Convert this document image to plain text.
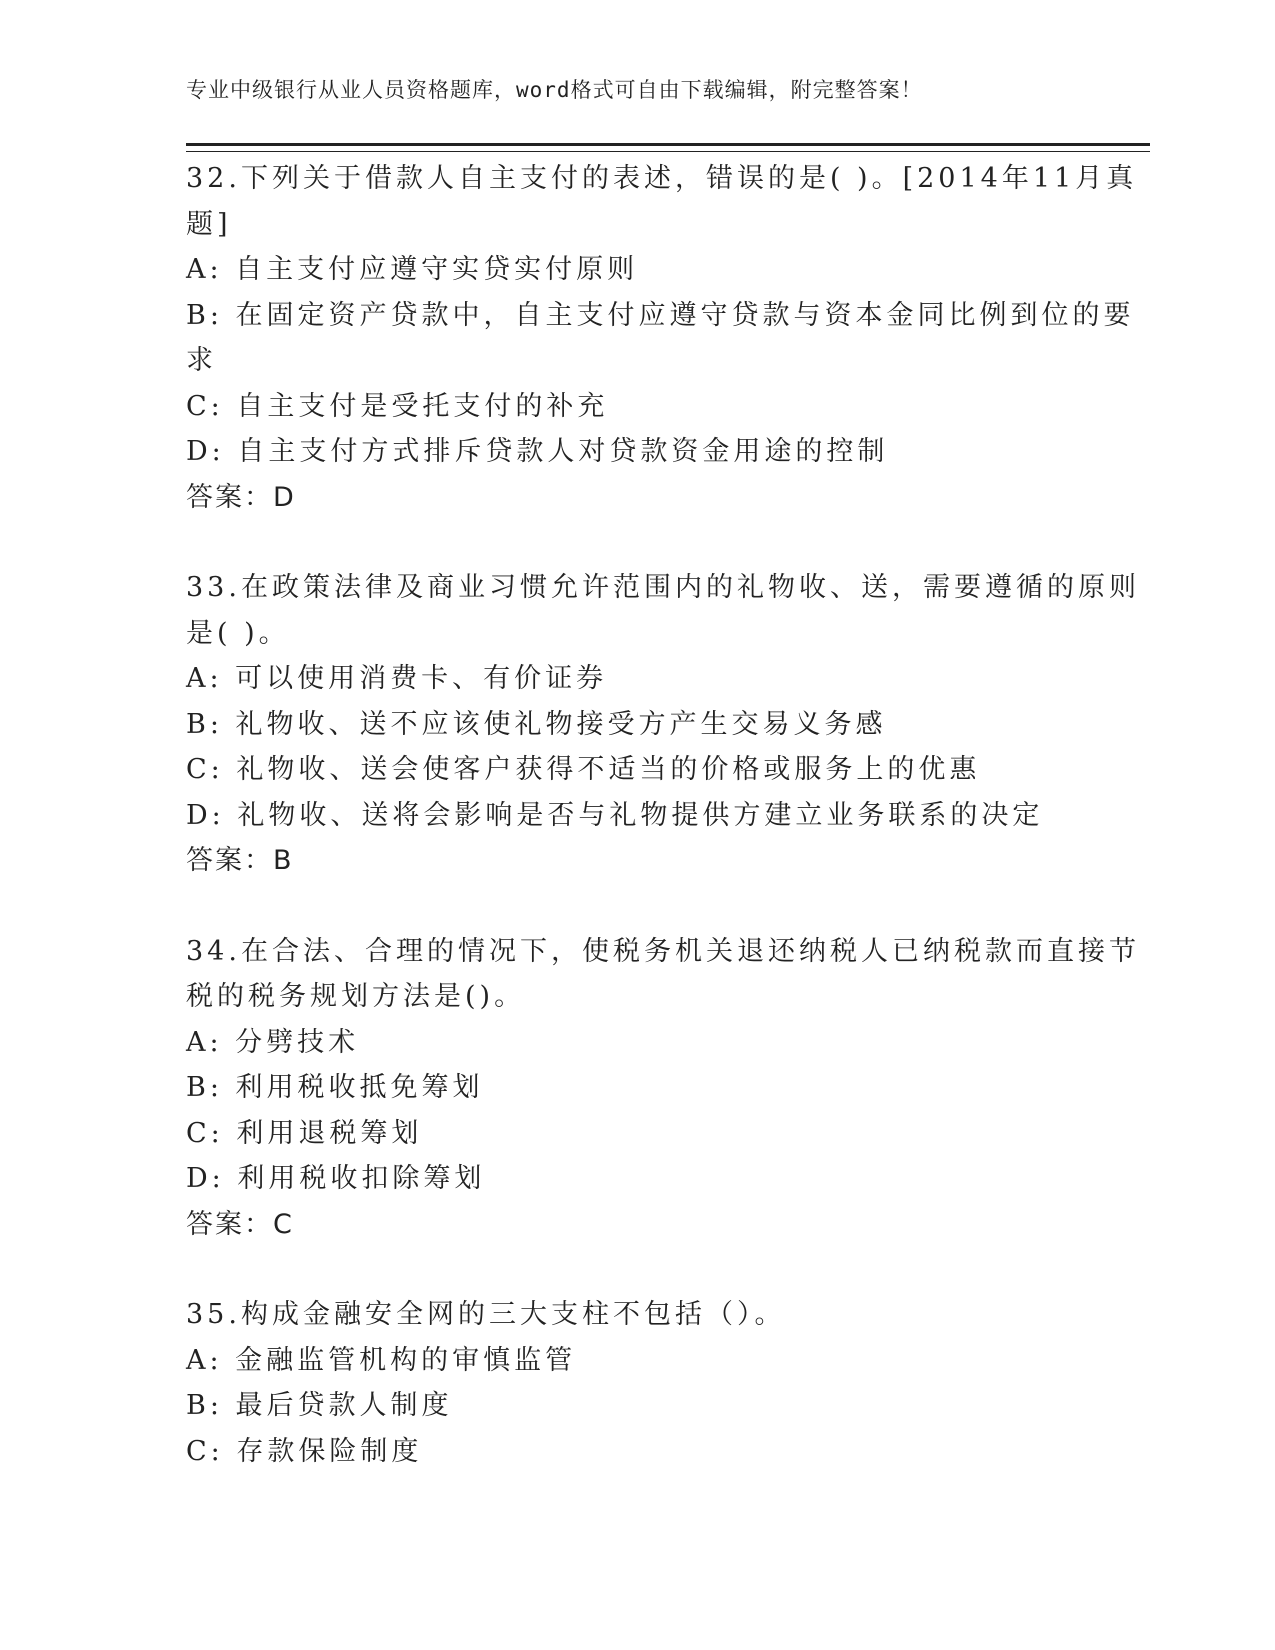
专业中级银行从业人员资格题库，word格式可自由下载编辑，附完整答案！
32.下列关于借款人自主支付的表述，错误的是( )。[2014年11月真
题]
A: 自主支付应遵守实贷实付原则
B: 在固定资产贷款中，自主支付应遵守贷款与资本金同比例到位的要
求
C: 自主支付是受托支付的补充
D: 自主支付方式排斥贷款人对贷款资金用途的控制
答案：D
33.在政策法律及商业习惯允许范围内的礼物收、送，需要遵循的原则
是( )。
A: 可以使用消费卡、有价证券
B: 礼物收、送不应该使礼物接受方产生交易义务感
C: 礼物收、送会使客户获得不适当的价格或服务上的优惠
D: 礼物收、送将会影响是否与礼物提供方建立业务联系的决定
答案：B
34.在合法、合理的情况下，使税务机关退还纳税人已纳税款而直接节
税的税务规划方法是()。
A: 分劈技术
B: 利用税收抵免筹划
C: 利用退税筹划
D: 利用税收扣除筹划
答案：C
35.构成金融安全网的三大支柱不包括（）。
A: 金融监管机构的审慎监管
B: 最后贷款人制度
C: 存款保险制度
